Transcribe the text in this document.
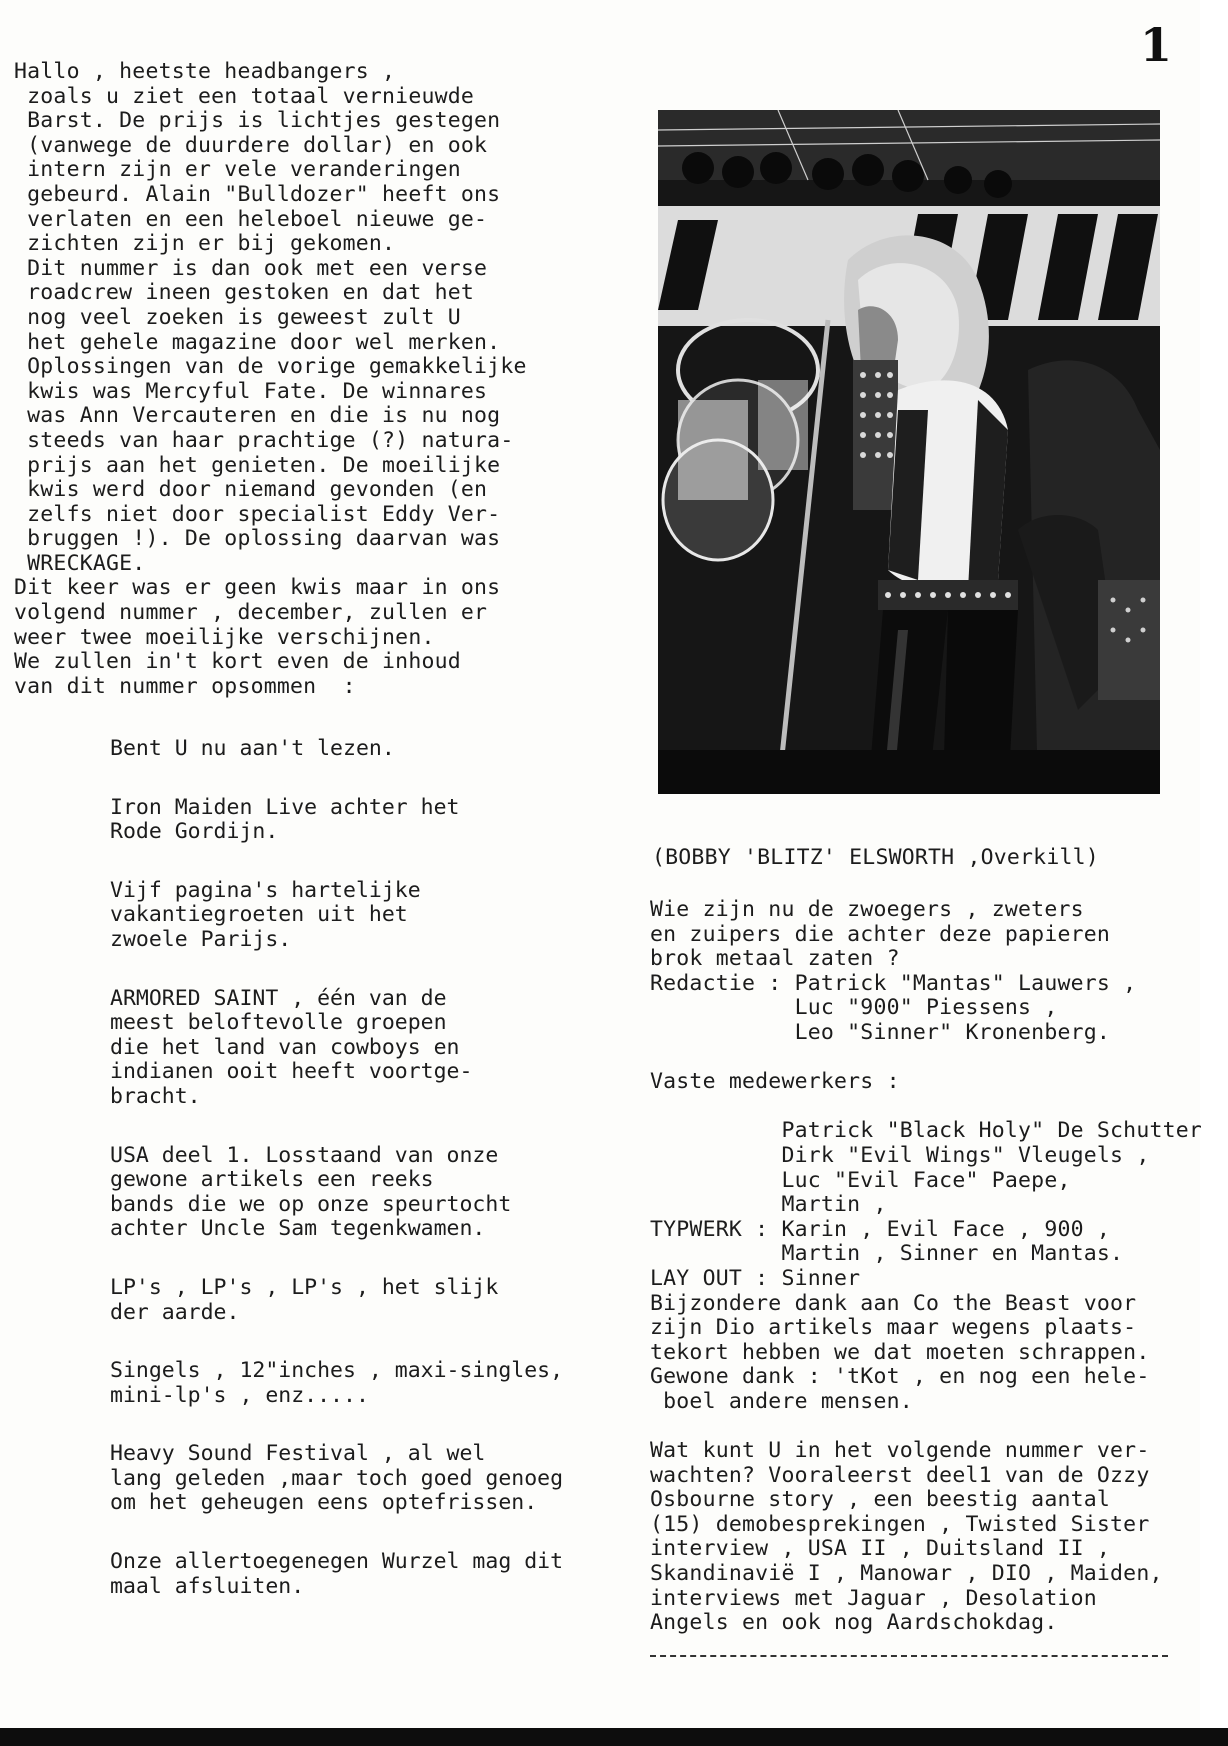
1
Hallo , heetste headbangers ,
zoals u ziet een totaal vernieuwde
Barst. De prijs is lichtjes gestegen
(vanwege de duurdere dollar) en ook
intern zijn er vele veranderingen
gebeurd. Alain "Bulldozer" heeft ons
verlaten en een heleboel nieuwe ge-
zichten zijn er bij gekomen.
Dit nummer is dan ook met een verse
roadcrew ineen gestoken en dat het
nog veel zoeken is geweest zult U
het gehele magazine door wel merken.
Oplossingen van de vorige gemakkelijke
kwis was Mercyful Fate. De winnares
was Ann Vercauteren en die is nu nog
steeds van haar prachtige (?) natura-
prijs aan het genieten. De moeilijke
kwis werd door niemand gevonden (en
zelfs niet door specialist Eddy Ver-
bruggen !). De oplossing daarvan was
WRECKAGE.
Dit keer was er geen kwis maar in ons
volgend nummer , december, zullen er
weer twee moeilijke verschijnen.
We zullen in't kort even de inhoud
van dit nummer opsommen  :
Bent U nu aan't lezen.
Iron Maiden Live achter het
Rode Gordijn.
Vijf pagina's hartelijke
vakantiegroeten uit het
zwoele Parijs.
ARMORED SAINT , één van de
meest beloftevolle groepen
die het land van cowboys en
indianen ooit heeft voortge-
bracht.
USA deel 1. Losstaand van onze
gewone artikels een reeks
bands die we op onze speurtocht
achter Uncle Sam tegenkwamen.
LP's , LP's , LP's , het slijk
der aarde.
Singels , 12"inches , maxi-singles,
mini-lp's , enz.....
Heavy Sound Festival , al wel
lang geleden ,maar toch goed genoeg
om het geheugen eens optefrissen.
Onze allertoegenegen Wurzel mag dit
maal afsluiten.
(BOBBY 'BLITZ' ELSWORTH ,Overkill)
Wie zijn nu de zwoegers , zweters
en zuipers die achter deze papieren
brok metaal zaten ?
Redactie : Patrick "Mantas" Lauwers ,
Luc "900" Piessens ,
Leo "Sinner" Kronenberg.
Vaste medewerkers :
Patrick "Black Holy" De Schutter
Dirk "Evil Wings" Vleugels ,
Luc "Evil Face" Paepe,
Martin ,
TYPWERK : Karin , Evil Face , 900 ,
Martin , Sinner en Mantas.
LAY OUT : Sinner
Bijzondere dank aan Co the Beast voor
zijn Dio artikels maar wegens plaats-
tekort hebben we dat moeten schrappen.
Gewone dank : 'tKot , en nog een hele-
boel andere mensen.
Wat kunt U in het volgende nummer ver-
wachten? Vooraleerst deel1 van de Ozzy
Osbourne story , een beestig aantal
(15) demobesprekingen , Twisted Sister
interview , USA II , Duitsland II ,
Skandinavië I , Manowar , DIO , Maiden,
interviews met Jaguar , Desolation
Angels en ook nog Aardschokdag.
